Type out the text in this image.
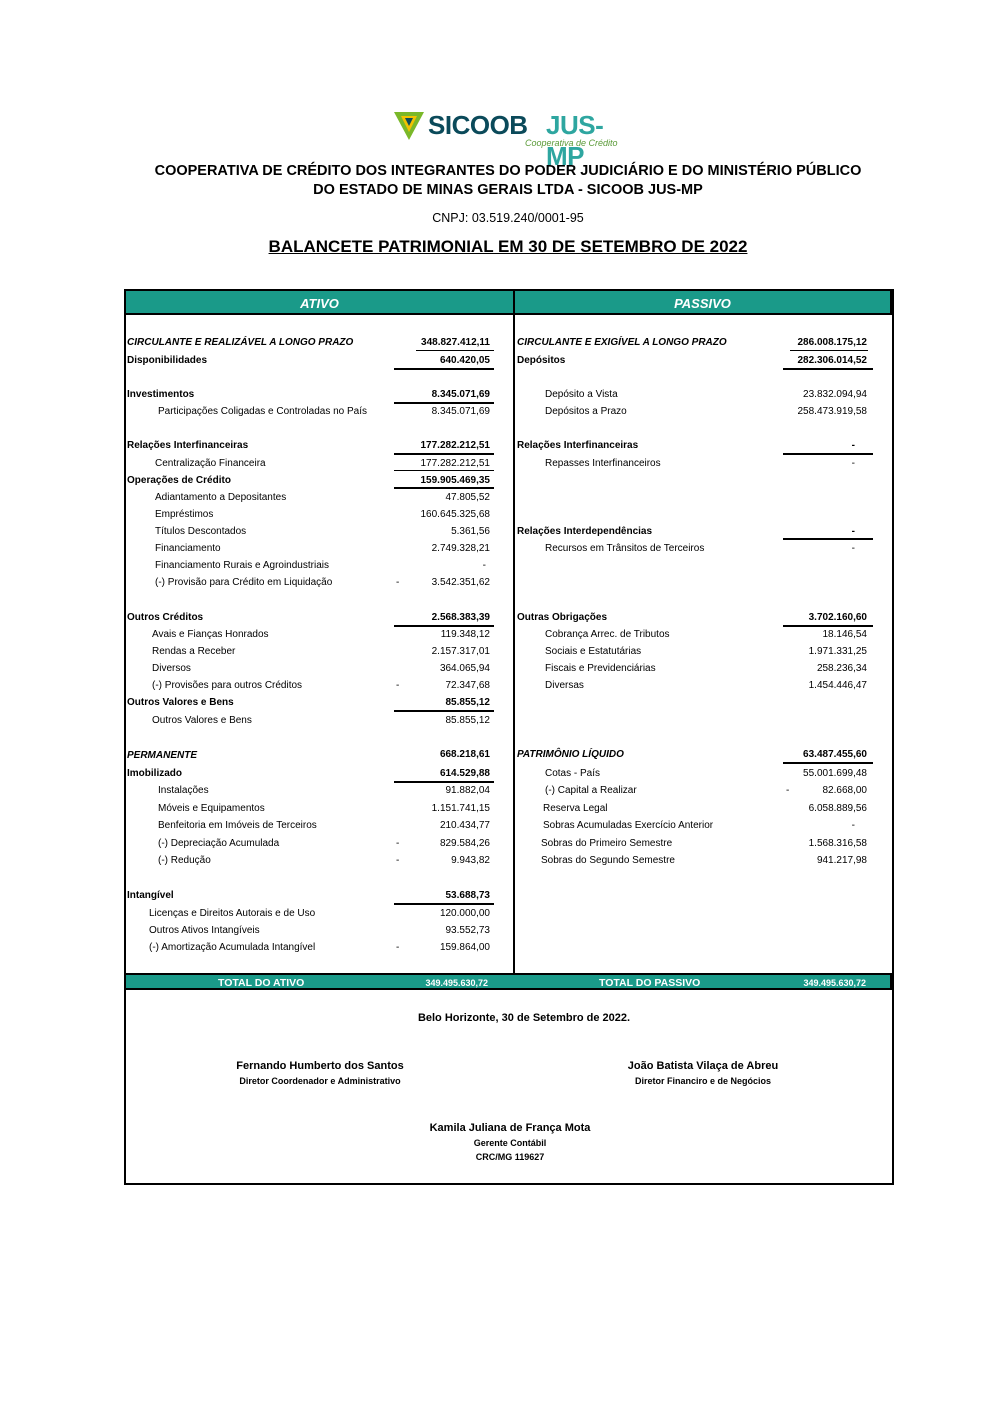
SICOOB JUS-MP
Cooperativa de Crédito
COOPERATIVA DE CRÉDITO DOS INTEGRANTES DO PODER JUDICIÁRIO E DO MINISTÉRIO PÚBLICO
DO ESTADO DE MINAS GERAIS LTDA - SICOOB JUS-MP
CNPJ: 03.519.240/0001-95
BALANCETE PATRIMONIAL EM 30 DE SETEMBRO DE 2022
ATIVO	PASSIVO
CIRCULANTE E REALIZÁVEL A LONGO PRAZO	348.827.412,11
Disponibilidades	640.420,05
Investimentos	8.345.071,69
Participações Coligadas e Controladas no País	8.345.071,69
Relações Interfinanceiras	177.282.212,51
Centralização Financeira	177.282.212,51
Operações de Crédito	159.905.469,35
Adiantamento a Depositantes	47.805,52
Empréstimos	160.645.325,68
Títulos Descontados	5.361,56
Financiamento	2.749.328,21
Financiamento Rurais e Agroindustriais	-
(-) Provisão para Crédito em Liquidação	-	3.542.351,62
Outros Créditos	2.568.383,39
Avais e Fianças Honrados	119.348,12
Rendas a Receber	2.157.317,01
Diversos	364.065,94
(-) Provisões para outros Créditos	-	72.347,68
Outros Valores e Bens	85.855,12
Outros Valores e Bens	85.855,12
PERMANENTE	668.218,61
Imobilizado	614.529,88
Instalações	91.882,04
Móveis e Equipamentos	1.151.741,15
Benfeitoria em Imóveis de Terceiros	210.434,77
(-) Depreciação Acumulada	-	829.584,26
(-) Redução	-	9.943,82
Intangível	53.688,73
Licenças e Direitos Autorais e de Uso	120.000,00
Outros Ativos Intangíveis	93.552,73
(-) Amortização Acumulada Intangível	-	159.864,00
CIRCULANTE E EXIGÍVEL A LONGO PRAZO	286.008.175,12
Depósitos	282.306.014,52
Depósito a Vista	23.832.094,94
Depósitos a Prazo	258.473.919,58
Relações Interfinanceiras	-
Repasses Interfinanceiros	-
Relações Interdependências	-
Recursos em Trânsitos de Terceiros	-
Outras Obrigações	3.702.160,60
Cobrança Arrec. de Tributos	18.146,54
Sociais e Estatutárias	1.971.331,25
Fiscais e Previdenciárias	258.236,34
Diversas	1.454.446,47
PATRIMÔNIO LÍQUIDO	63.487.455,60
Cotas - País	55.001.699,48
(-) Capital a Realizar	-	82.668,00
Reserva Legal	6.058.889,56
Sobras Acumuladas Exercício Anterior	-
Sobras do Primeiro Semestre	1.568.316,58
Sobras do Segundo Semestre	941.217,98
TOTAL DO ATIVO	349.495.630,72	TOTAL DO PASSIVO	349.495.630,72
Belo Horizonte, 30 de Setembro de 2022.
Fernando Humberto dos Santos
Diretor Coordenador e Administrativo
João Batista Vilaça de Abreu
Diretor Financiro e de Negócios
Kamila Juliana de França Mota
Gerente Contábil
CRC/MG 119627
